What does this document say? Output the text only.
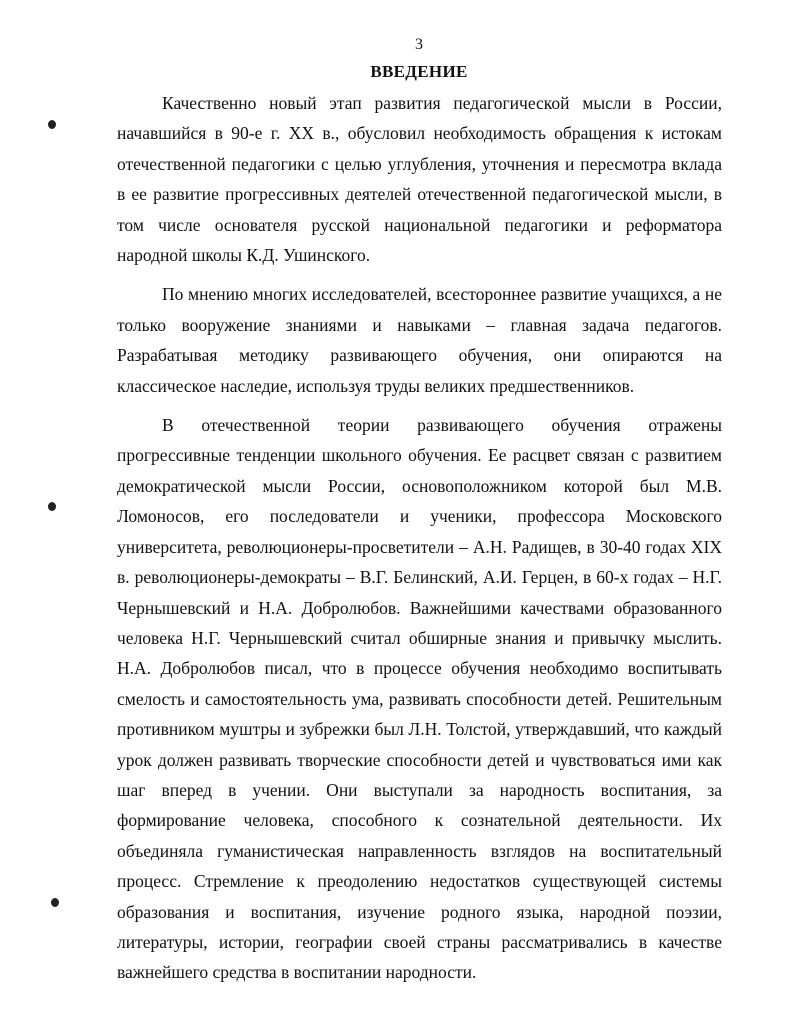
3
ВВЕДЕНИЕ

Качественно новый этап развития педагогической мысли в России, начавшийся в 90-е г. XX в., обусловил необходимость обращения к истокам отечественной педагогики с целью углубления, уточнения и пересмотра вклада в ее развитие прогрессивных деятелей отечественной педагогической мысли, в том числе основателя русской национальной педагогики и реформатора народной школы К.Д. Ушинского.

По мнению многих исследователей, всестороннее развитие учащихся, а не только вооружение знаниями и навыками – главная задача педагогов. Разрабатывая методику развивающего обучения, они опираются на классическое наследие, используя труды великих предшественников.

В отечественной теории развивающего обучения отражены прогрессивные тенденции школьного обучения. Ее расцвет связан с развитием демократической мысли России, основоположником которой был М.В. Ломоносов, его последователи и ученики, профессора Московского университета, революционеры-просветители – А.Н. Радищев, в 30-40 годах XIX в. революционеры-демократы – В.Г. Белинский, А.И. Герцен, в 60-х годах – Н.Г. Чернышевский и Н.А. Добролюбов. Важнейшими качествами образованного человека Н.Г. Чернышевский считал обширные знания и привычку мыслить. Н.А. Добролюбов писал, что в процессе обучения необходимо воспитывать смелость и самостоятельность ума, развивать способности детей. Решительным противником муштры и зубрежки был Л.Н. Толстой, утверждавший, что каждый урок должен развивать творческие способности детей и чувствоваться ими как шаг вперед в учении. Они выступали за народность воспитания, за формирование человека, способного к сознательной деятельности. Их объединяла гуманистическая направленность взглядов на воспитательный процесс. Стремление к преодолению недостатков существующей системы образования и воспитания, изучение родного языка, народной поэзии, литературы, истории, географии своей страны рассматривались в качестве важнейшего средства в воспитании народности.
